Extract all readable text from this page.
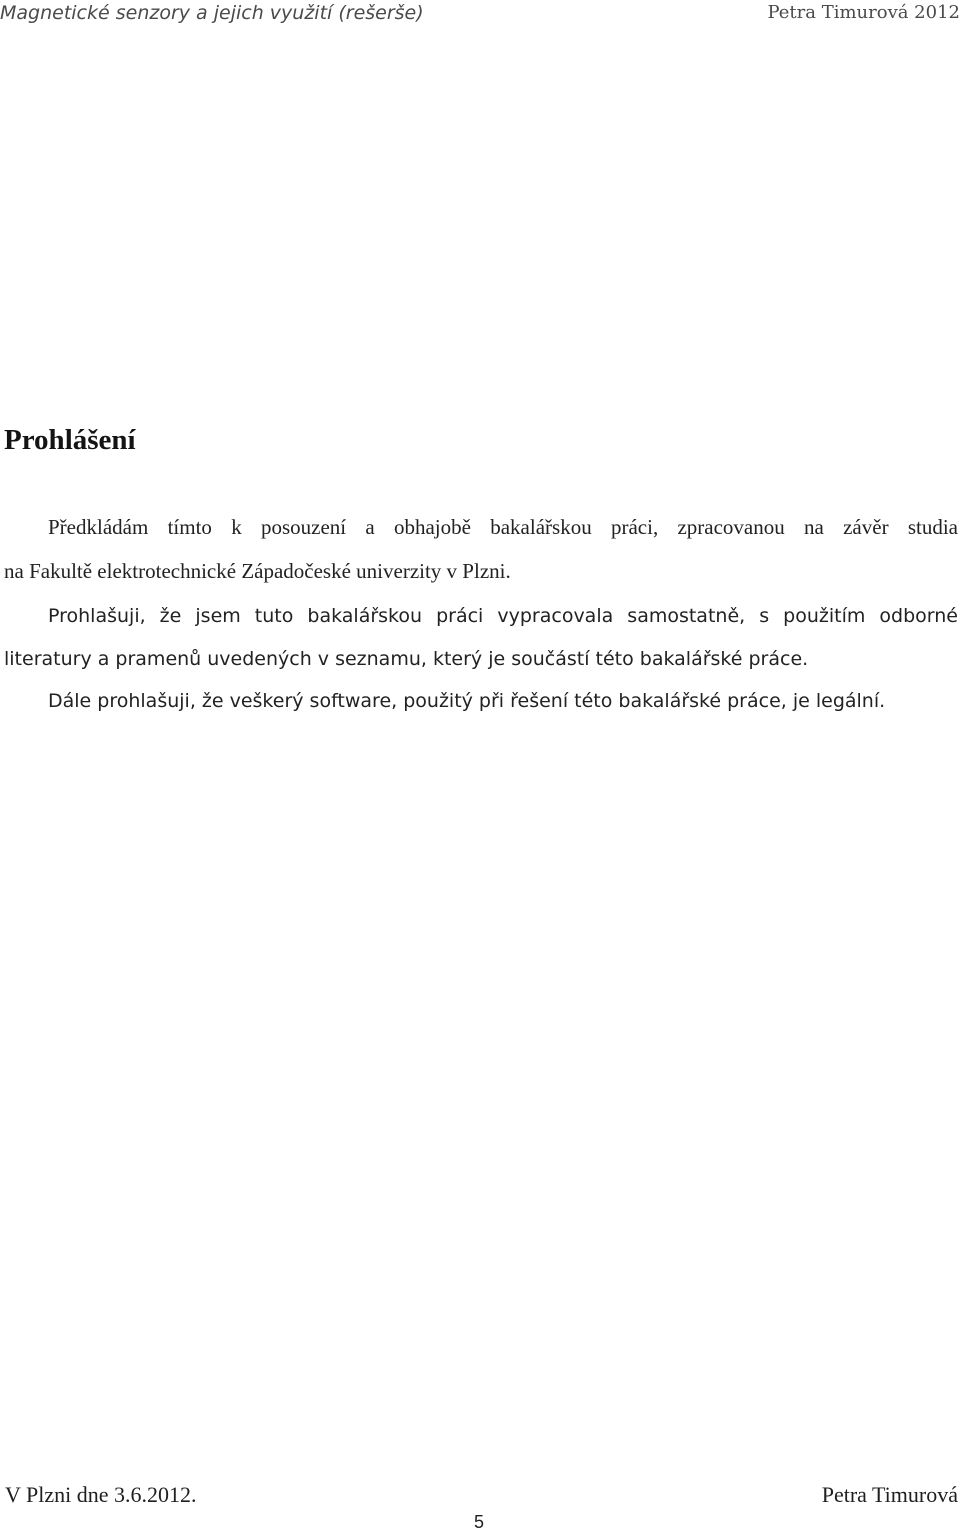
Magnetické senzory a jejich využití (rešerše)	Petra Timurová 2012
Prohlášení
Předkládám tímto k posouzení a obhajobě bakalářskou práci, zpracovanou na závěr studia
na Fakultě elektrotechnické Západočeské univerzity v Plzni.
Prohlašuji, že jsem tuto bakalářskou práci vypracovala samostatně, s použitím odborné
literatury a pramenů uvedených v seznamu, který je součástí této bakalářské práce.
Dále prohlašuji, že veškerý software, použitý při řešení této bakalářské práce, je legální.
V Plzni dne 3.6.2012.	Petra Timurová
5
